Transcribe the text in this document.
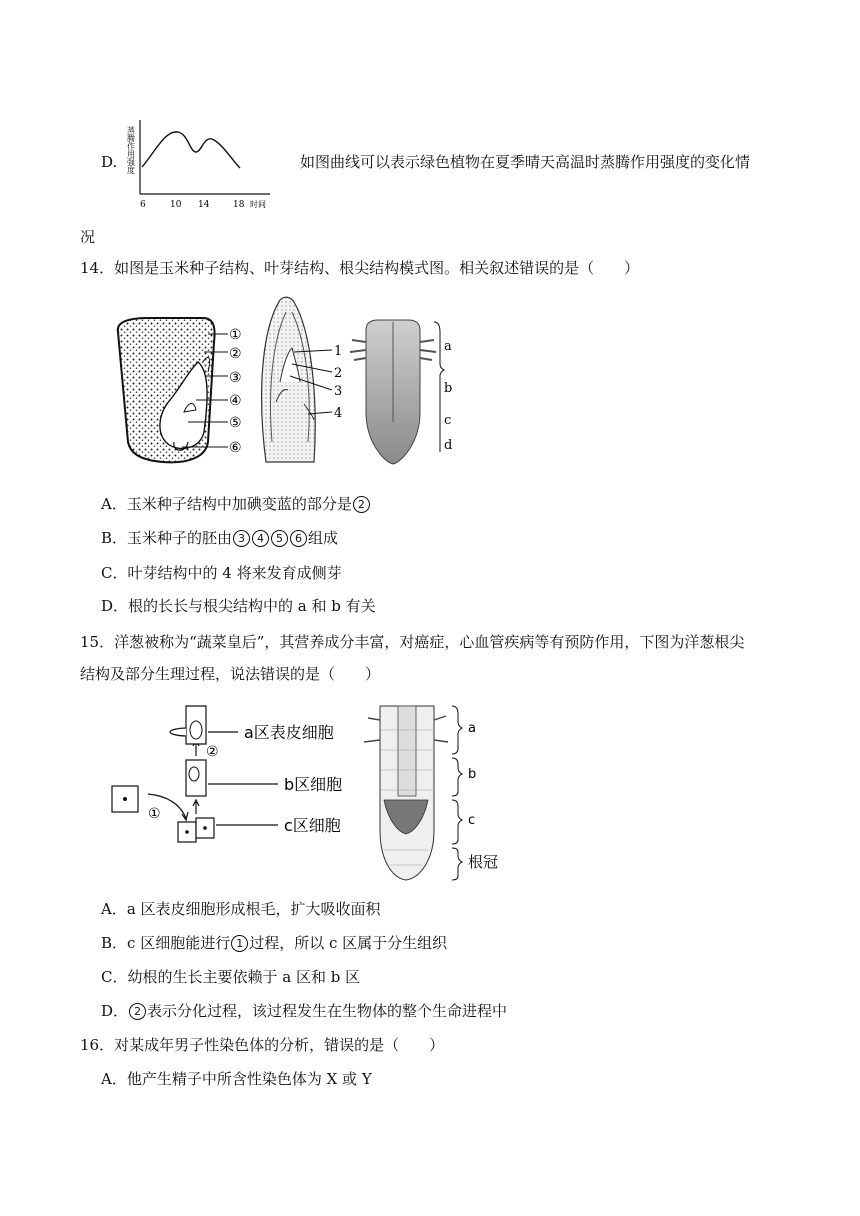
D. 蒸腾作用强度
6	10 14	18 时间
如图曲线可以表示绿色植物在夏季晴天高温时蒸腾作用强度的变化情
况
14．如图是玉米种子结构、叶芽结构、根尖结构模式图。相关叙述错误的是（　　）
①
②
③
④
⑤
⑥
1
2
3
4
a
b
c
d
A．玉米种子结构中加碘变蓝的部分是 2
B．玉米种子的胚由 3 4 5 6 组成
C．叶芽结构中的 4 将来发育成侧芽
D．根的长长与根尖结构中的 a 和 b 有关
15．洋葱被称为“蔬菜皇后”，其营养成分丰富，对癌症，心血管疾病等有预防作用，下图为洋葱根尖
结构及部分生理过程，说法错误的是（　　）
①
②
a区表皮细胞
b区细胞
c区细胞
a
b
c
根冠
A．a 区表皮细胞形成根毛，扩大吸收面积
B．c 区细胞能进行 1 过程，所以 c 区属于分生组织
C．幼根的生长主要依赖于 a 区和 b 区
D． 2 表示分化过程，该过程发生在生物体的整个生命进程中
16．对某成年男子性染色体的分析，错误的是（　　）
A．他产生精子中所含性染色体为 X 或 Y
